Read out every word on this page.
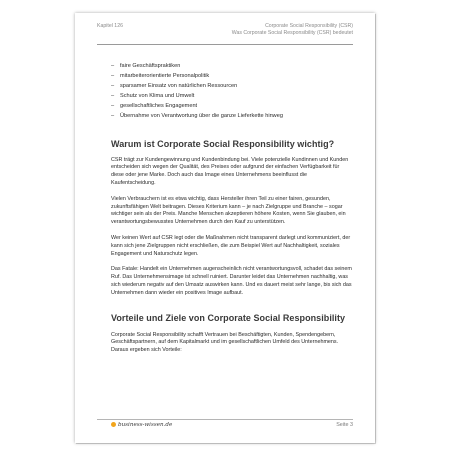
Kapitel 126	Corporate Social Responsibility (CSR)
Was Corporate Social Responsibility (CSR) bedeutet
– faire Geschäftspraktiken
– mitarbeiterorientierte Personalpolitik
– sparsamer Einsatz von natürlichen Ressourcen
– Schutz von Klima und Umwelt
– gesellschaftliches Engagement
– Übernahme von Verantwortung über die ganze Lieferkette hinweg
Warum ist Corporate Social Responsibility wichtig?

CSR trägt zur Kundengewinnung und Kundenbindung bei. Viele potenzielle Kundinnen und Kunden entscheiden sich wegen der Qualität, des Preises oder aufgrund der einfachen Verfügbarkeit für diese oder jene Marke. Doch auch das Image eines Unternehmens beeinflusst die Kaufentscheidung.

Vielen Verbrauchern ist es etwa wichtig, dass Hersteller ihren Teil zu einer fairen, gesunden, zukunftsfähigen Welt beitragen. Dieses Kriterium kann – je nach Zielgruppe und Branche – sogar wichtiger sein als der Preis. Manche Menschen akzeptieren höhere Kosten, wenn Sie glauben, ein verantwortungsbewusstes Unternehmen durch den Kauf zu unterstützen.

Wer keinen Wert auf CSR legt oder die Maßnahmen nicht transparent darlegt und kommuniziert, der kann sich jene Zielgruppen nicht erschließen, die zum Beispiel Wert auf Nachhaltigkeit, soziales Engagement und Naturschutz legen.

Das Fatale: Handelt ein Unternehmen augenscheinlich nicht verantwortungsvoll, schadet das seinem Ruf. Das Unternehmensimage ist schnell ruiniert. Darunter leidet das Unternehmen nachhaltig, was sich wiederum negativ auf den Umsatz auswirken kann. Und es dauert meist sehr lange, bis sich das Unternehmen dann wieder ein positives Image aufbaut.

Vorteile und Ziele von Corporate Social Responsibility

Corporate Social Responsibility schafft Vertrauen bei Beschäftigten, Kunden, Spendengebern, Geschäftspartnern, auf dem Kapitalmarkt und im gesellschaftlichen Umfeld des Unternehmens. Daraus ergeben sich Vorteile:

business-wissen.de	Seite 3
